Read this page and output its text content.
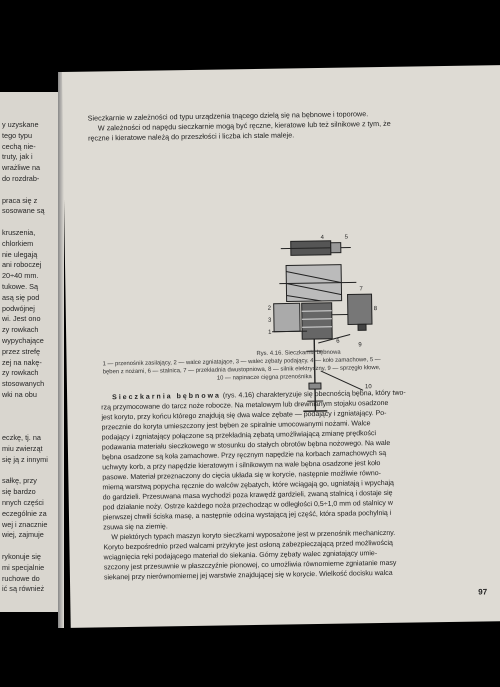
y uzyskane
tego typu
cechą nie-
truty, jak i
wrażliwe na
do rozdrab-
praca się z
sosowane są
kruszenia,
chlorkiem
nie ulegają
ani roboczej
20÷40 mm.
tukowe. Są
asą się pod
podwójnej
wi. Jest ono
zy rowkach
wypychające
przez strefę
zej na nakę-
zy rowkach
stosowanych
wki na obu
eczkę, tj. na
miu zwierząt
się ją z innymi
sałkę, przy
się bardzo
nnych części
eczególnie za
wej i znacznie
wiej, zajmuje
rykonuje się
mi specjalnie
ruchowe do
ić są również
Sieczkarnie w zależności od typu urządzenia tnącego dzielą się na bębnowe i toporowe.
W zależności od napędu sieczkarnie mogą być ręczne, kieratowe lub też silnikowe z tym, że
ręczne i kieratowe należą do przeszłości i liczba ich stale maleje.
4	5
2
3
1
7
8
6
9
10
Rys. 4.16. Sieczkarnia bębnowa
1 — przenośnik zasilający, 2 — walce zgniatające, 3 — walec zębaty podający, 4 — koło zamachowe, 5 —
bęben z nożami, 6 — stalnica, 7 — przekładnia dwustopniowa, 8 — silnik elektryczny, 9 — sprzęgło kłowe,
10 — napinacze cięgna przenośnika
Sieczkarnia bębnowa (rys. 4.16) charakteryzuje się obecnością bębna, który two-
rzą przymocowane do tarcz noże robocze. Na metalowym lub drewnianym stojaku osadzone
jest koryto, przy końcu którego znajdują się dwa walce zębate — podający i zgniatający. Po-
przecznie do koryta umieszczony jest bęben ze spiralnie umocowanymi nożami. Walce
podający i zgniatający połączone są przekładnią zębatą umożliwiającą zmianę prędkości
podawania materiału sieczkowego w stosunku do stałych obrotów bębna nożowego. Na wale
bębna osadzone są koła zamachowe. Przy ręcznym napędzie na korbach zamachowych są
uchwyty korb, a przy napędzie kieratowym i silnikowym na wale bębna osadzone jest koło
pasowe. Materiał przeznaczony do cięcia układa się w korycie, następnie możliwie równo-
miemą warstwą popycha ręcznie do walców zębatych, które wciągają go, ugniatają i wpychają
do gardzieli. Przesuwana masa wychodzi poza krawędź gardzieli, zwaną stalnicą i dostaje się
pod działanie noży. Ostrze każdego noża przechodząc w odległości 0,5÷1,0 mm od stalnicy w
pierwszej chwili ściska masę, a następnie odcina wystającą jej część, która spada pochylnią i
zsuwa się na ziemię.
W piektórych typach maszyn koryto sieczkarni wyposażone jest w przenośnik mechaniczny.
Koryto bezpośrednio przed walcami przykryte jest osłoną zabezpieczającą przed możliwością
wciągnięcia ręki podającego materiał do siekania. Górny zębaty walec zgniatający umie-
szczony jest przesuwnie w płaszczyźnie pionowej, co umożliwia równomierne zgniatanie masy
siekanej przy nierównomiernej jej warstwie znajdującej się w korycie. Wielkość docisku walca
97
